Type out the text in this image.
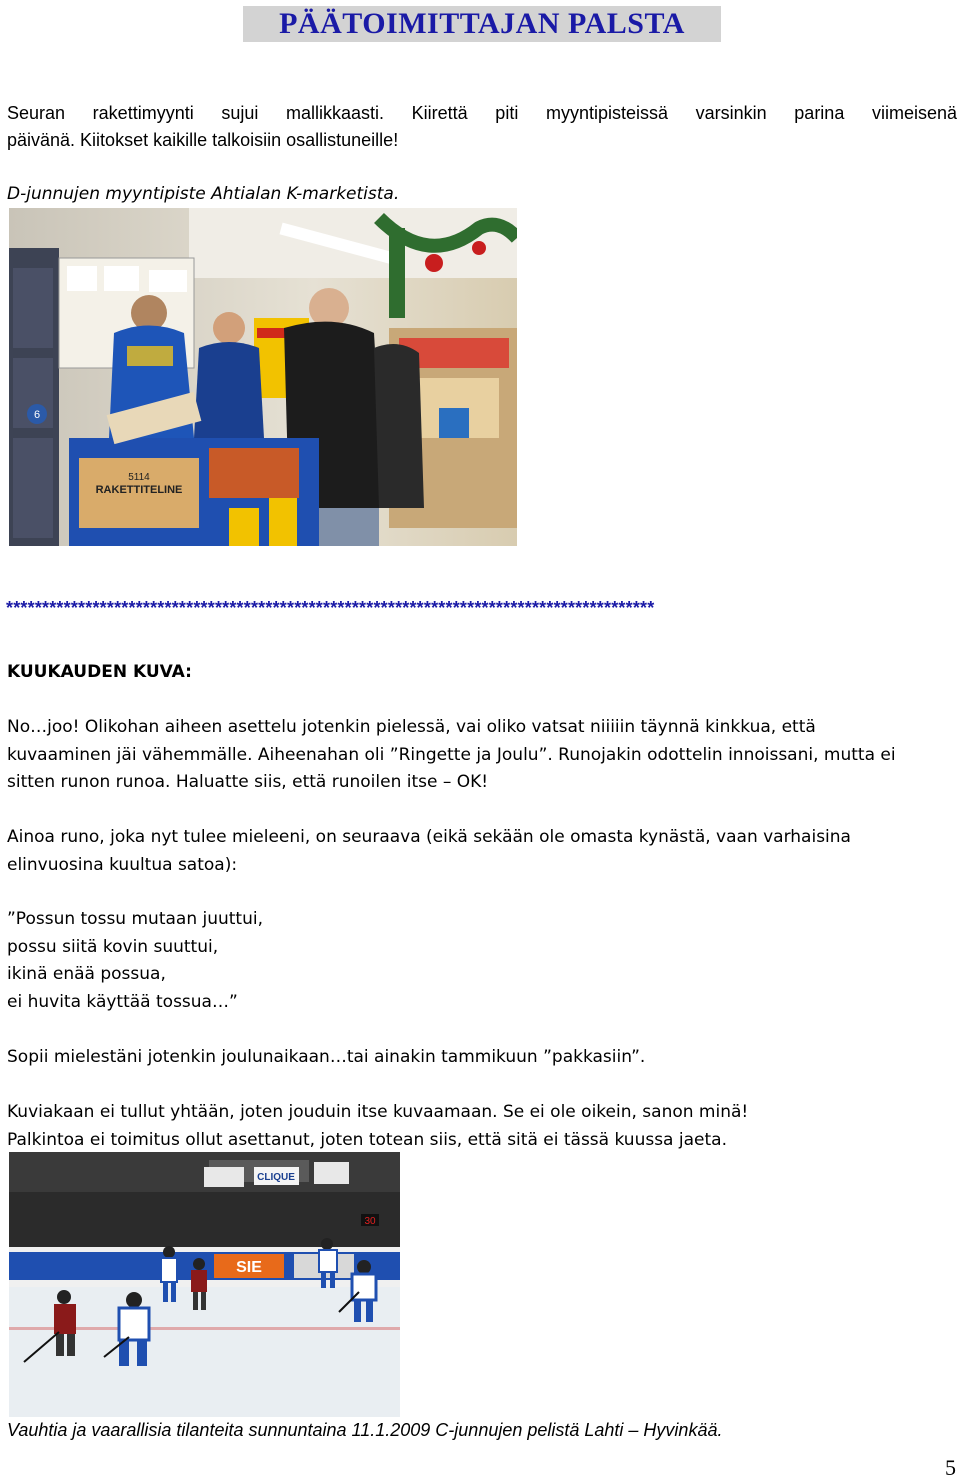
PÄÄTOIMITTAJAN PALSTA
Seuran rakettimyynti sujui mallikkaasti. Kiirettä piti myyntipisteissä varsinkin parina viimeisenä
päivänä. Kiitokset kaikille talkoisiin osallistuneille!
D-junnujen myyntipiste Ahtialan K-marketista.
6
5114
RAKETTITELINE
******************************************************************************************
KUUKAUDEN KUVA:
No…joo! Olikohan aiheen asettelu jotenkin pielessä, vai oliko vatsat niiiiin täynnä kinkkua, että
kuvaaminen jäi vähemmälle. Aiheenahan oli ”Ringette ja Joulu”. Runojakin odottelin innoissani, mutta ei
sitten runon runoa. Haluatte siis, että runoilen itse – OK!
Ainoa runo, joka nyt tulee mieleeni, on seuraava (eikä sekään ole omasta kynästä, vaan varhaisina
elinvuosina kuultua satoa):
”Possun tossu mutaan juuttui,
possu siitä kovin suuttui,
ikinä enää possua,
ei huvita käyttää tossua…”
Sopii mielestäni jotenkin joulunaikaan…tai ainakin tammikuun ”pakkasiin”.
Kuviakaan ei tullut yhtään, joten jouduin itse kuvaamaan. Se ei ole oikein, sanon minä!
Palkintoa ei toimitus ollut asettanut, joten totean siis, että sitä ei tässä kuussa jaeta.
CLIQUE
30
SIE
Vauhtia ja vaarallisia tilanteita sunnuntaina 11.1.2009 C-junnujen pelistä Lahti – Hyvinkää.
5
